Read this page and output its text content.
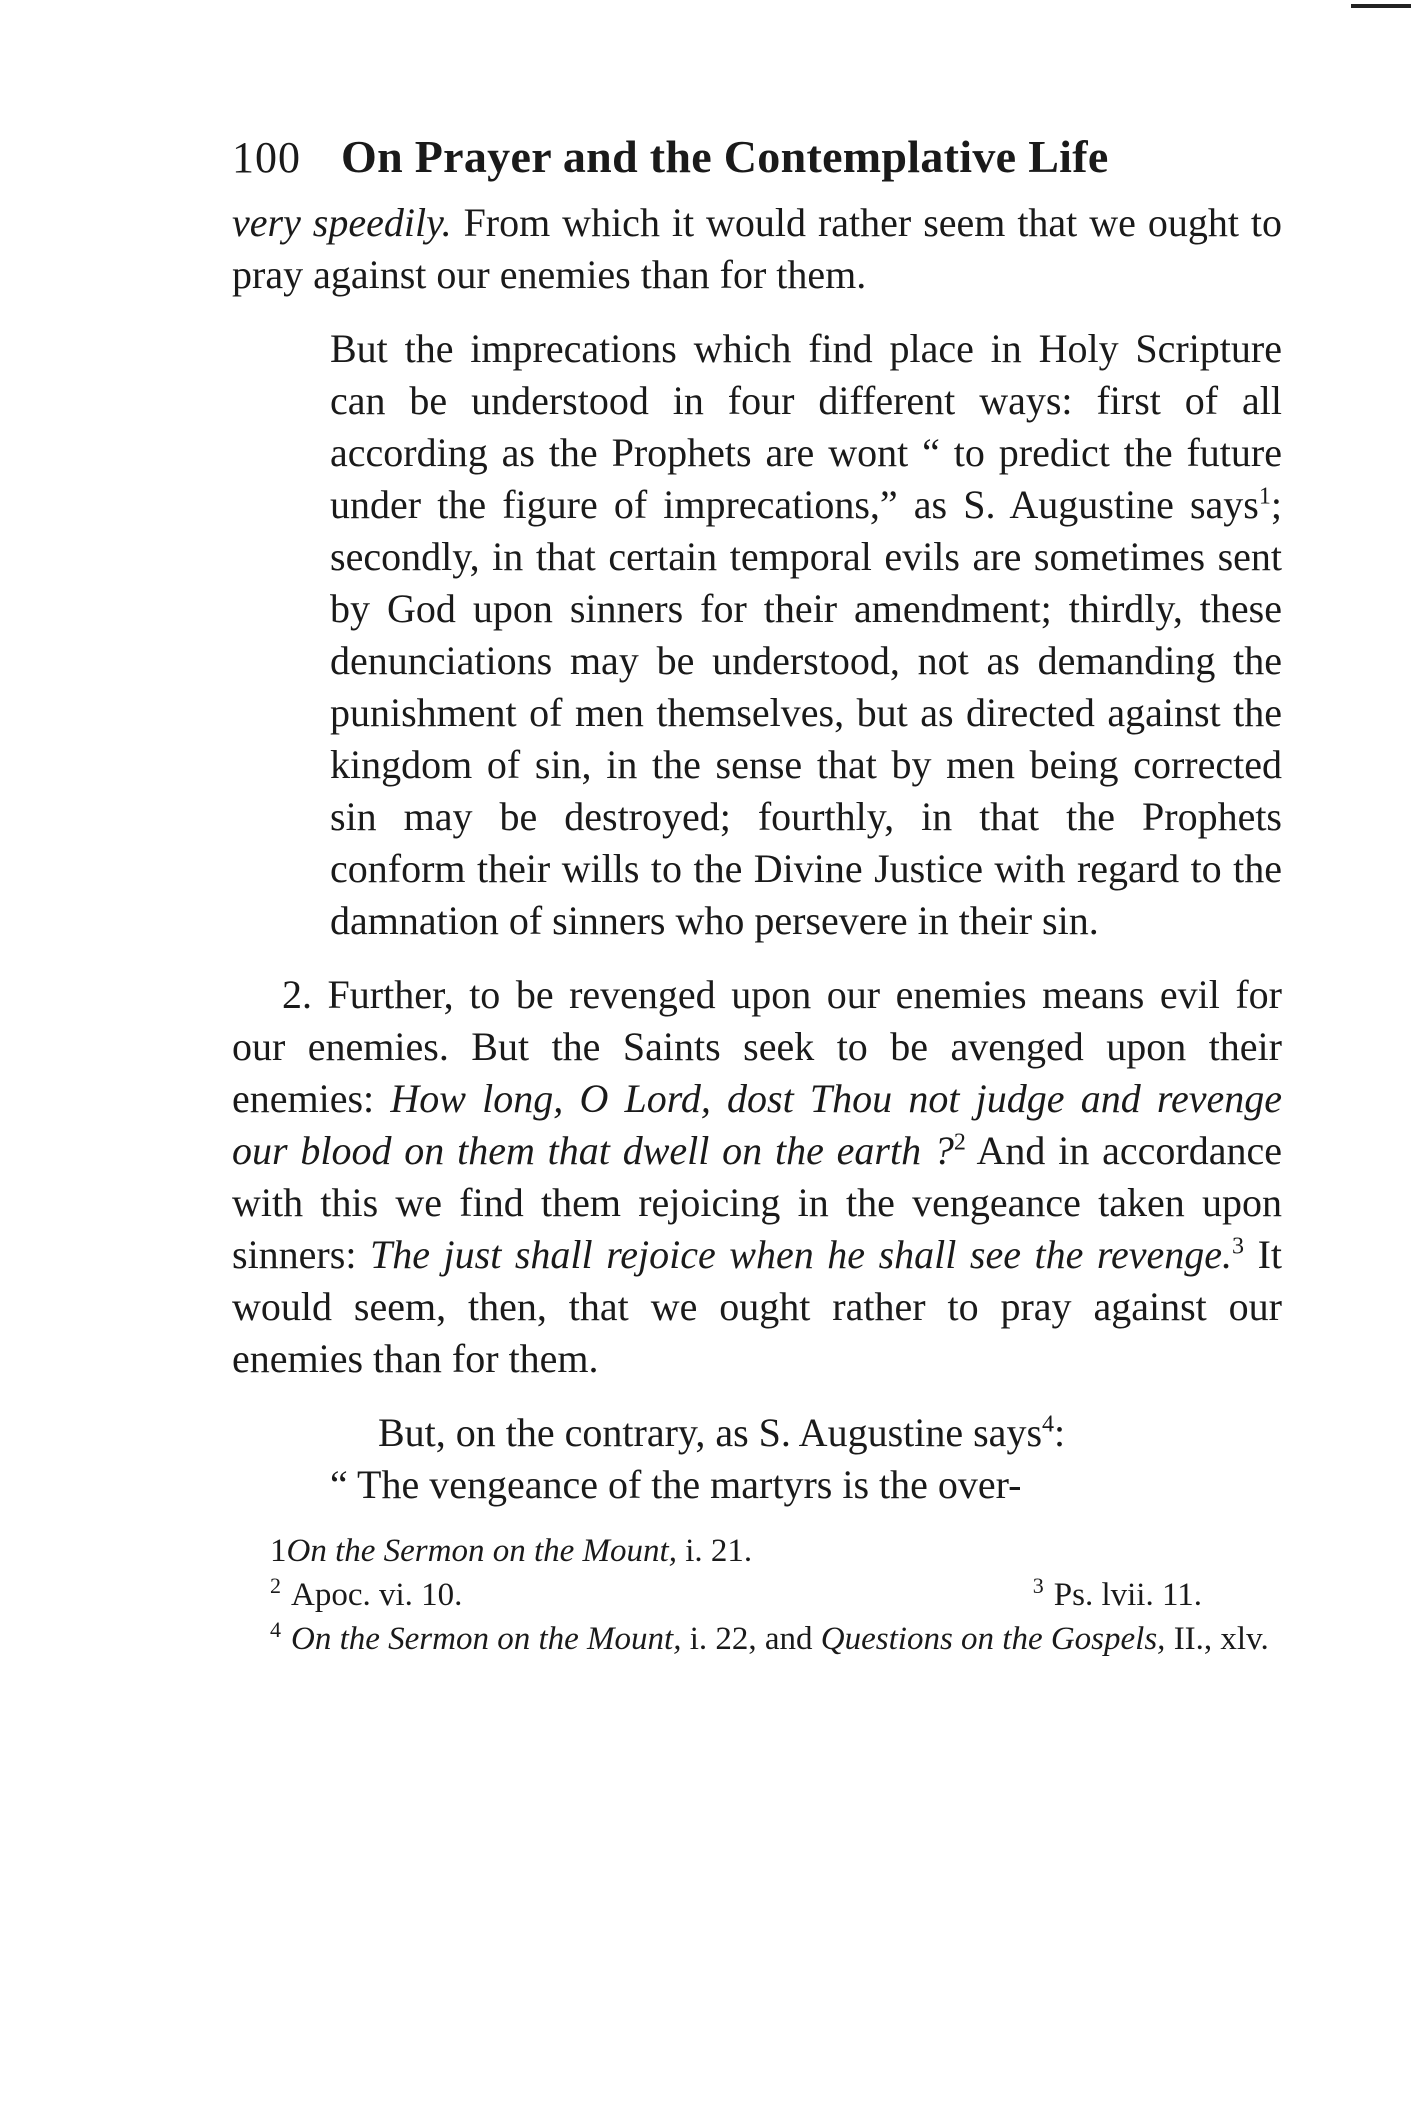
100 On Prayer and the Contemplative Life

very speedily. From which it would rather seem that we ought to pray against our enemies than for them.

But the imprecations which find place in Holy Scripture can be understood in four different ways: first of all according as the Prophets are wont “ to predict the future under the figure of imprecations,” as S. Augustine says$^1$; secondly, in that certain temporal evils are sometimes sent by God upon sinners for their amendment; thirdly, these denunciations may be understood, not as demanding the punishment of men themselves, but as directed against the kingdom of sin, in the sense that by men being corrected sin may be destroyed; fourthly, in that the Prophets conform their wills to the Divine Justice with regard to the damnation of sinners who persevere in their sin.

2. Further, to be revenged upon our enemies means evil for our enemies. But the Saints seek to be avenged upon their enemies: How long, O Lord, dost Thou not judge and revenge our blood on them that dwell on the earth ?$^2$ And in accordance with this we find them rejoicing in the vengeance taken upon sinners: The just shall rejoice when he shall see the revenge.$^3$ It would seem, then, that we ought rather to pray against our enemies than for them.

But, on the contrary, as S. Augustine says$^4$:

“ The vengeance of the martyrs is the over-

1On the Sermon on the Mount, i. 21.
$^2$ Apoc. vi. 10.	$^3$ Ps. lvii. 11.
$^4$ On the Sermon on the Mount, i. 22, and Questions on the Gospels, II., xlv.
